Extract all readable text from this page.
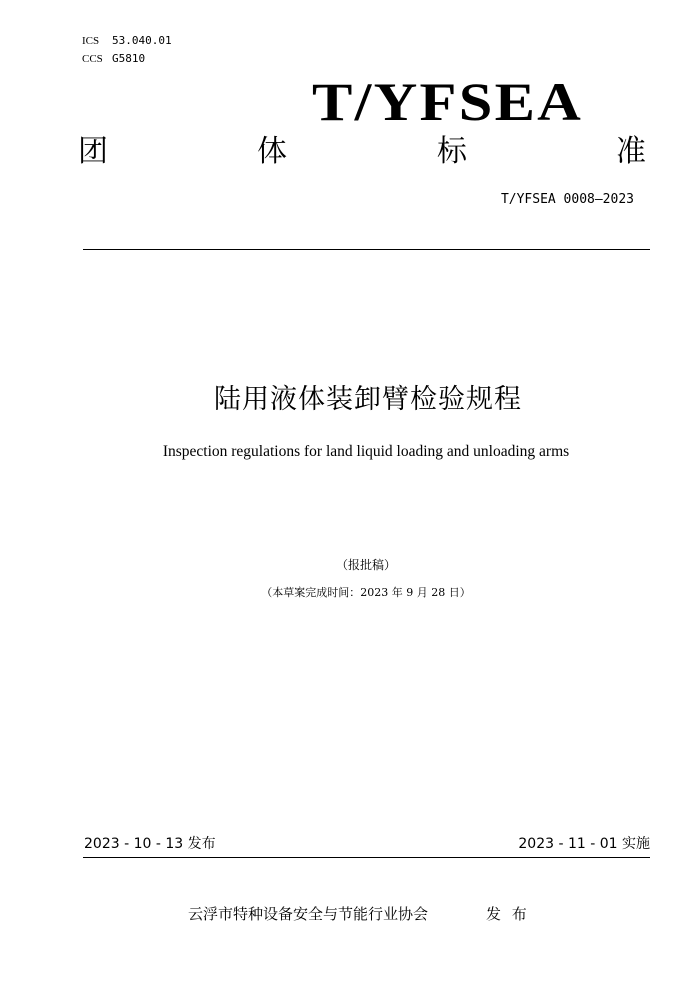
ICS 53.040.01
CCS G5810
T/YFSEA
团	体	标	准
T/YFSEA 0008—2023
陆用液体装卸臂检验规程
Inspection regulations for land liquid loading and unloading arms
（报批稿）
（本草案完成时间：2023 年 9 月 28 日）
2023 - 10 - 13 发布	2023 - 11 - 01 实施
云浮市特种设备安全与节能行业协会	发 布
